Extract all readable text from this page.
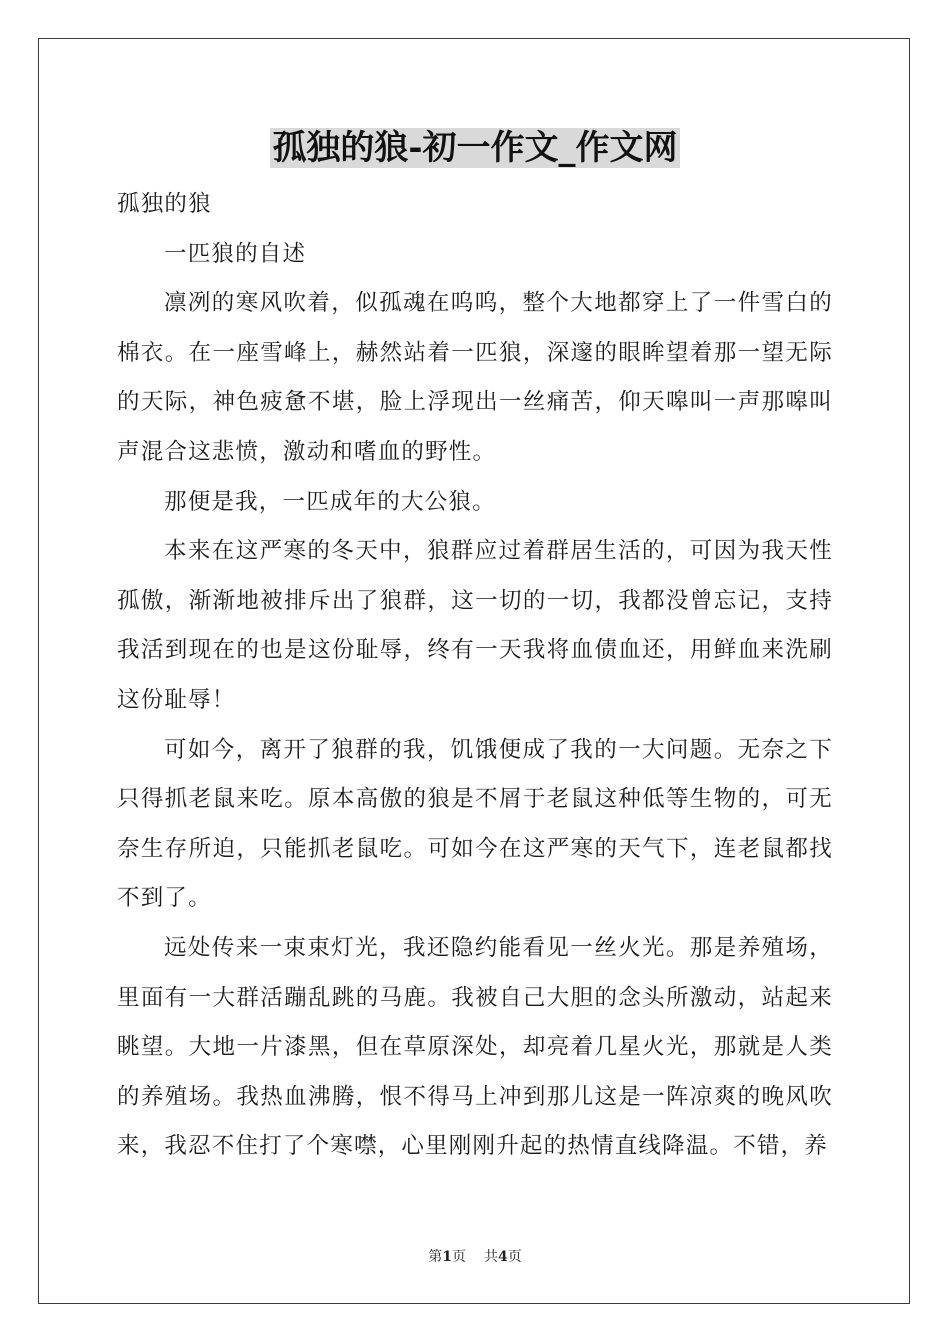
孤独的狼-初一作文_作文网

孤独的狼

一匹狼的自述

凛冽的寒风吹着，似孤魂在呜呜，整个大地都穿上了一件雪白的棉衣。在一座雪峰上，赫然站着一匹狼，深邃的眼眸望着那一望无际的天际，神色疲惫不堪，脸上浮现出一丝痛苦，仰天嗥叫一声那嗥叫声混合这悲愤，激动和嗜血的野性。

那便是我，一匹成年的大公狼。

本来在这严寒的冬天中，狼群应过着群居生活的，可因为我天性孤傲，渐渐地被排斥出了狼群，这一切的一切，我都没曾忘记，支持我活到现在的也是这份耻辱，终有一天我将血债血还，用鲜血来洗刷这份耻辱！

可如今，离开了狼群的我，饥饿便成了我的一大问题。无奈之下只得抓老鼠来吃。原本高傲的狼是不屑于老鼠这种低等生物的，可无奈生存所迫，只能抓老鼠吃。可如今在这严寒的天气下，连老鼠都找不到了。

远处传来一束束灯光，我还隐约能看见一丝火光。那是养殖场，里面有一大群活蹦乱跳的马鹿。我被自己大胆的念头所激动，站起来眺望。大地一片漆黑，但在草原深处，却亮着几星火光，那就是人类的养殖场。我热血沸腾，恨不得马上冲到那儿这是一阵凉爽的晚风吹来，我忍不住打了个寒噤，心里刚刚升起的热情直线降温。不错，养

第1页 共4页
